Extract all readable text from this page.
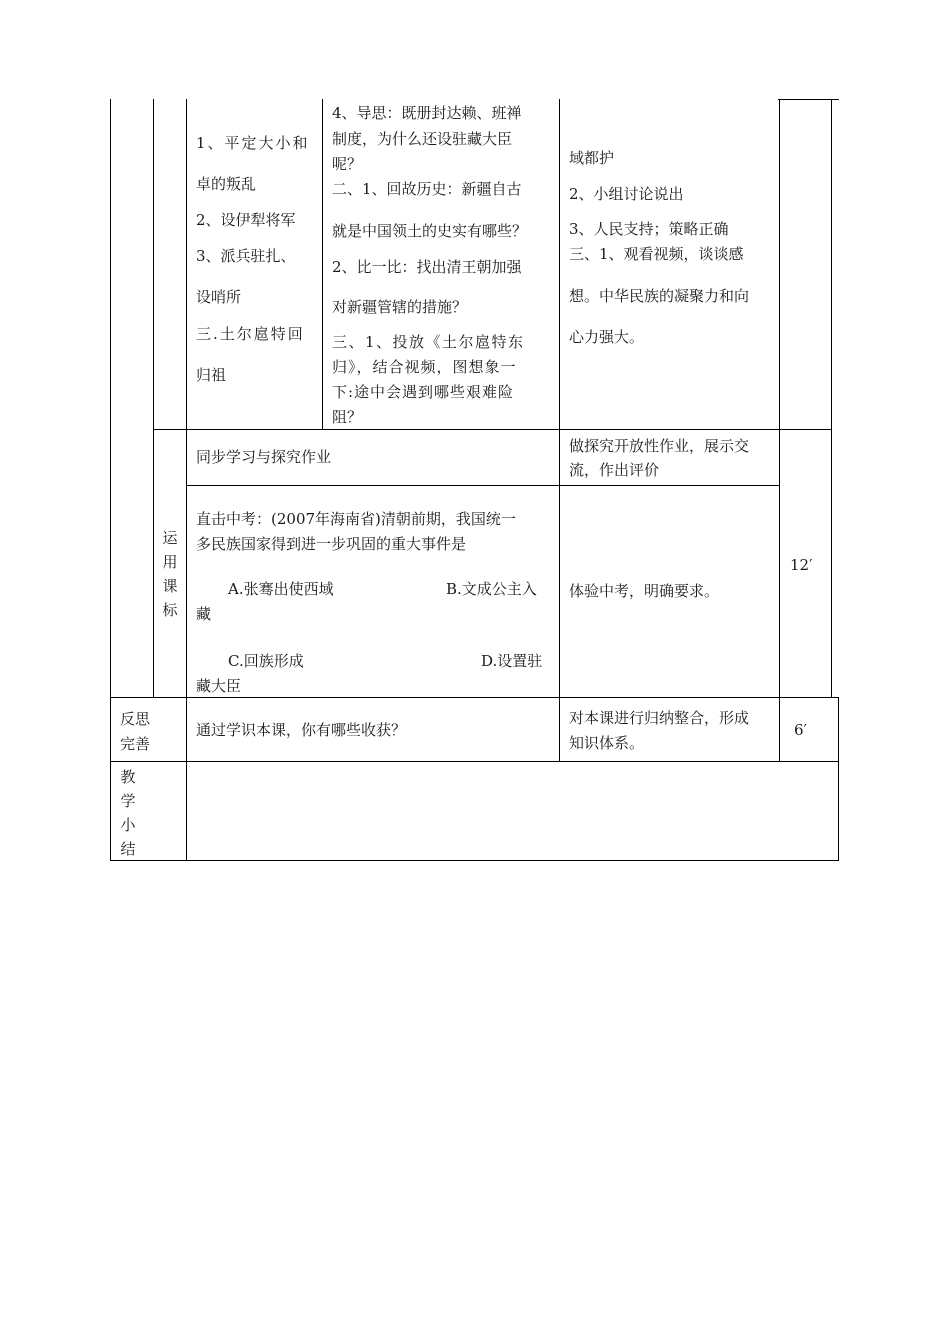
1、平定大小和
卓的叛乱
2、设伊犁将军
3、派兵驻扎、
设哨所
三.土尔扈特回
归祖
4、导思：既册封达赖、班禅
制度，为什么还设驻藏大臣
呢？
二、1、回故历史：新疆自古
就是中国领土的史实有哪些？
2、比一比：找出清王朝加强
对新疆管辖的措施？
三、1、投放《土尔扈特东
归》，结合视频，图想象一
下:途中会遇到哪些艰难险
阻？
域都护
2、小组讨论说出
3、人民支持；策略正确
三、1、观看视频，谈谈感
想。中华民族的凝聚力和向
心力强大。
运用课标
同步学习与探究作业
做探究开放性作业，展示交
流，作出评价
直击中考：(2007年海南省)清朝前期，我国统一
多民族国家得到进一步巩固的重大事件是
A.张骞出使西域	B.文成公主入
藏
C.回族形成	D.设置驻
藏大臣
体验中考，明确要求。
12′
反思
完善
通过学识本课，你有哪些收获？
对本课进行归纳整合，形成
知识体系。
6′
教学小结
